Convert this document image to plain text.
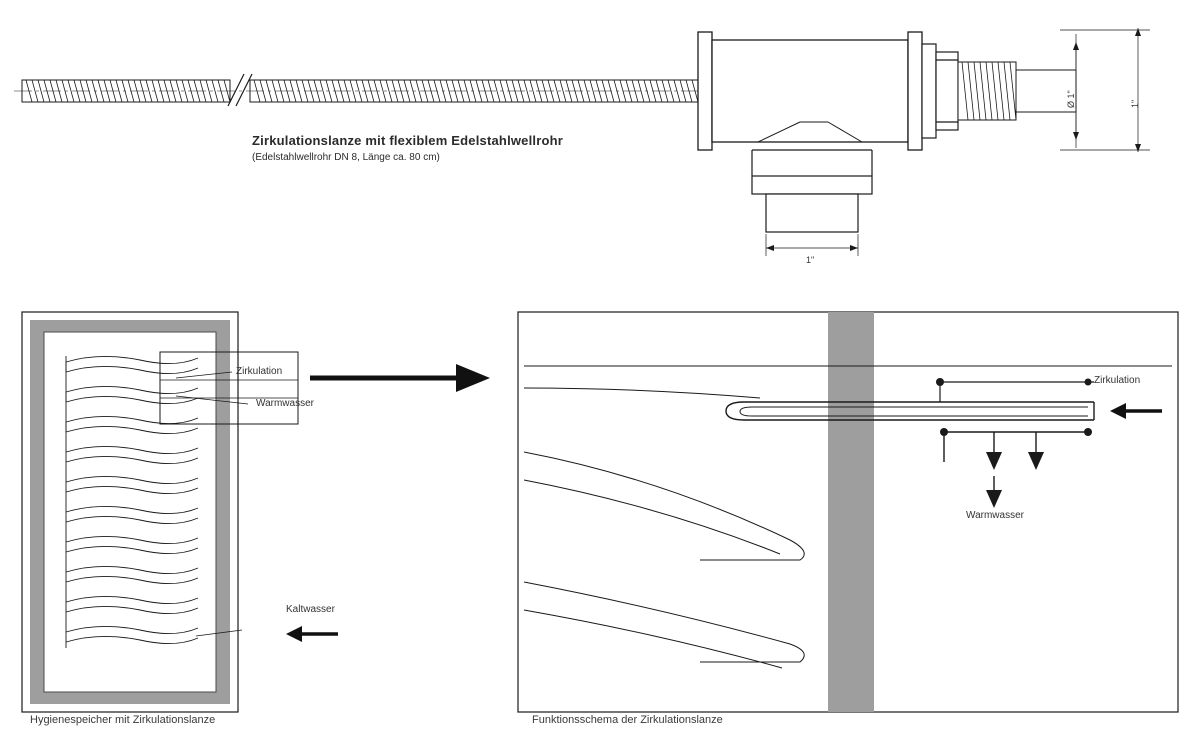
Zirkulationslanze mit flexiblem Edelstahlwellrohr
(Edelstahlwellrohr DN 8, Länge ca. 80 cm)
Ø 1"	1"
1"
Zirkulation
Warmwasser
Kaltwasser
Zirkulation
Warmwasser
Hygienespeicher mit Zirkulationslanze	Funktionsschema der Zirkulationslanze
